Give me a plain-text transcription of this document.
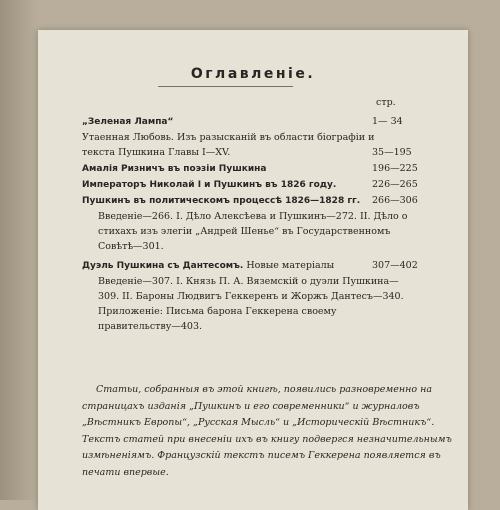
Оглавленіе.
стр.
„Зеленая Лампа“	1— 34
Утаенная Любовь. Изъ разысканій въ области біографіи и текста Пушкина Главы I—XV.	35—195
Амалія Ризничъ въ поэзіи Пушкина	196—225
Императоръ Николай I и Пушкинъ въ 1826 году.	226—265
Пушкинъ въ политическомъ процессѣ 1826—1828 гг.	266—306
Введеніе—266. I. Дѣло Алексѣева и Пушкинъ—272. II. Дѣло о стихахъ изъ элегіи „Андрей Шенье“ въ Государственномъ Совѣтѣ—301.
Дуэль Пушкина съ Дантесомъ. Новые матеріалы	307—402
Введеніе—307. I. Князь П. А. Вяземскій о дуэли Пушкина—309. II. Бароны Людвигъ Геккеренъ и Жоржъ Дантесъ—340. Приложеніе: Письма барона Геккерена своему правительству—403.
Статьи, собранныя въ этой книгѣ, появились разновременно на страницахъ изданія „Пушкинъ и его современники“ и журналовъ „Вѣстникъ Европы“, „Русская Мысль“ и „Историческій Вѣстникъ“. Текстъ статей при внесеніи ихъ въ книгу подвергся незначительнымъ измѣненіямъ. Французскій текстъ писемъ Геккерена появляется въ печати впервые.
